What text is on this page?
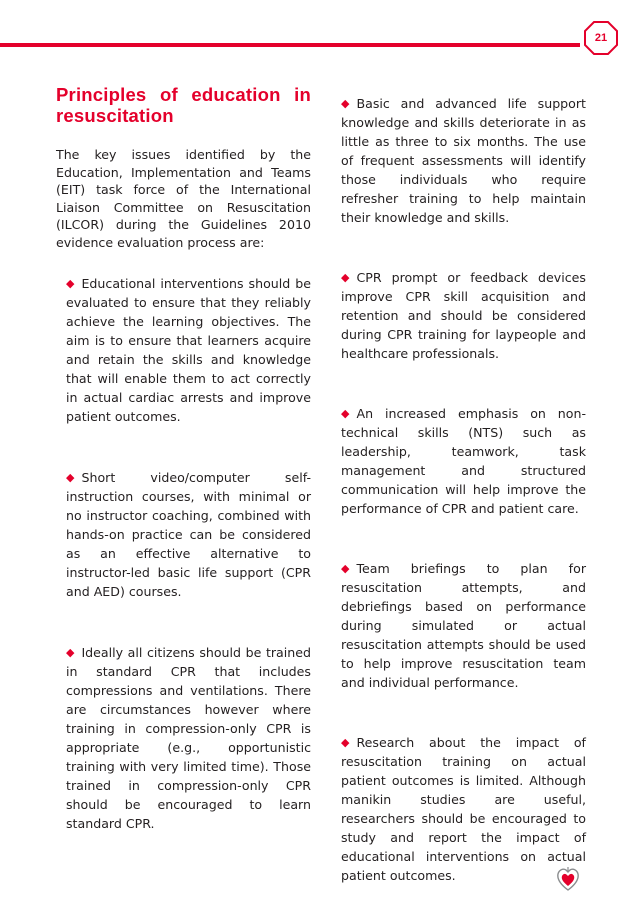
21
Principles of education in resuscitation

The key issues identified by the Education, Implementation and Teams (EIT) task force of the International Liaison Committee on Resuscitation (ILCOR) during the Guidelines 2010 evidence evaluation process are:

◆ Educational interventions should be evaluated to ensure that they reliably achieve the learning objectives. The aim is to ensure that learners acquire and retain the skills and knowledge that will enable them to act correctly in actual cardiac arrests and improve patient outcomes.
◆ Short video/computer self-instruction courses, with minimal or no instructor coaching, combined with hands-on practice can be considered as an effective alternative to instructor-led basic life support (CPR and AED) courses.
◆ Ideally all citizens should be trained in standard CPR that includes compressions and ventilations. There are circumstances however where training in compression-only CPR is appropriate (e.g., opportunistic training with very limited time). Those trained in compression-only CPR should be encouraged to learn standard CPR.
◆ Basic and advanced life support knowledge and skills deteriorate in as little as three to six months. The use of frequent assessments will identify those individuals who require refresher training to help maintain their knowledge and skills.
◆ CPR prompt or feedback devices improve CPR skill acquisition and retention and should be considered during CPR training for laypeople and healthcare professionals.
◆ An increased emphasis on non-technical skills (NTS) such as leadership, teamwork, task management and structured communication will help improve the performance of CPR and patient care.
◆ Team briefings to plan for resuscitation attempts, and debriefings based on performance during simulated or actual resuscitation attempts should be used to help improve resuscitation team and individual performance.
◆ Research about the impact of resuscitation training on actual patient outcomes is limited. Although manikin studies are useful, researchers should be encouraged to study and report the impact of educational interventions on actual patient outcomes.
